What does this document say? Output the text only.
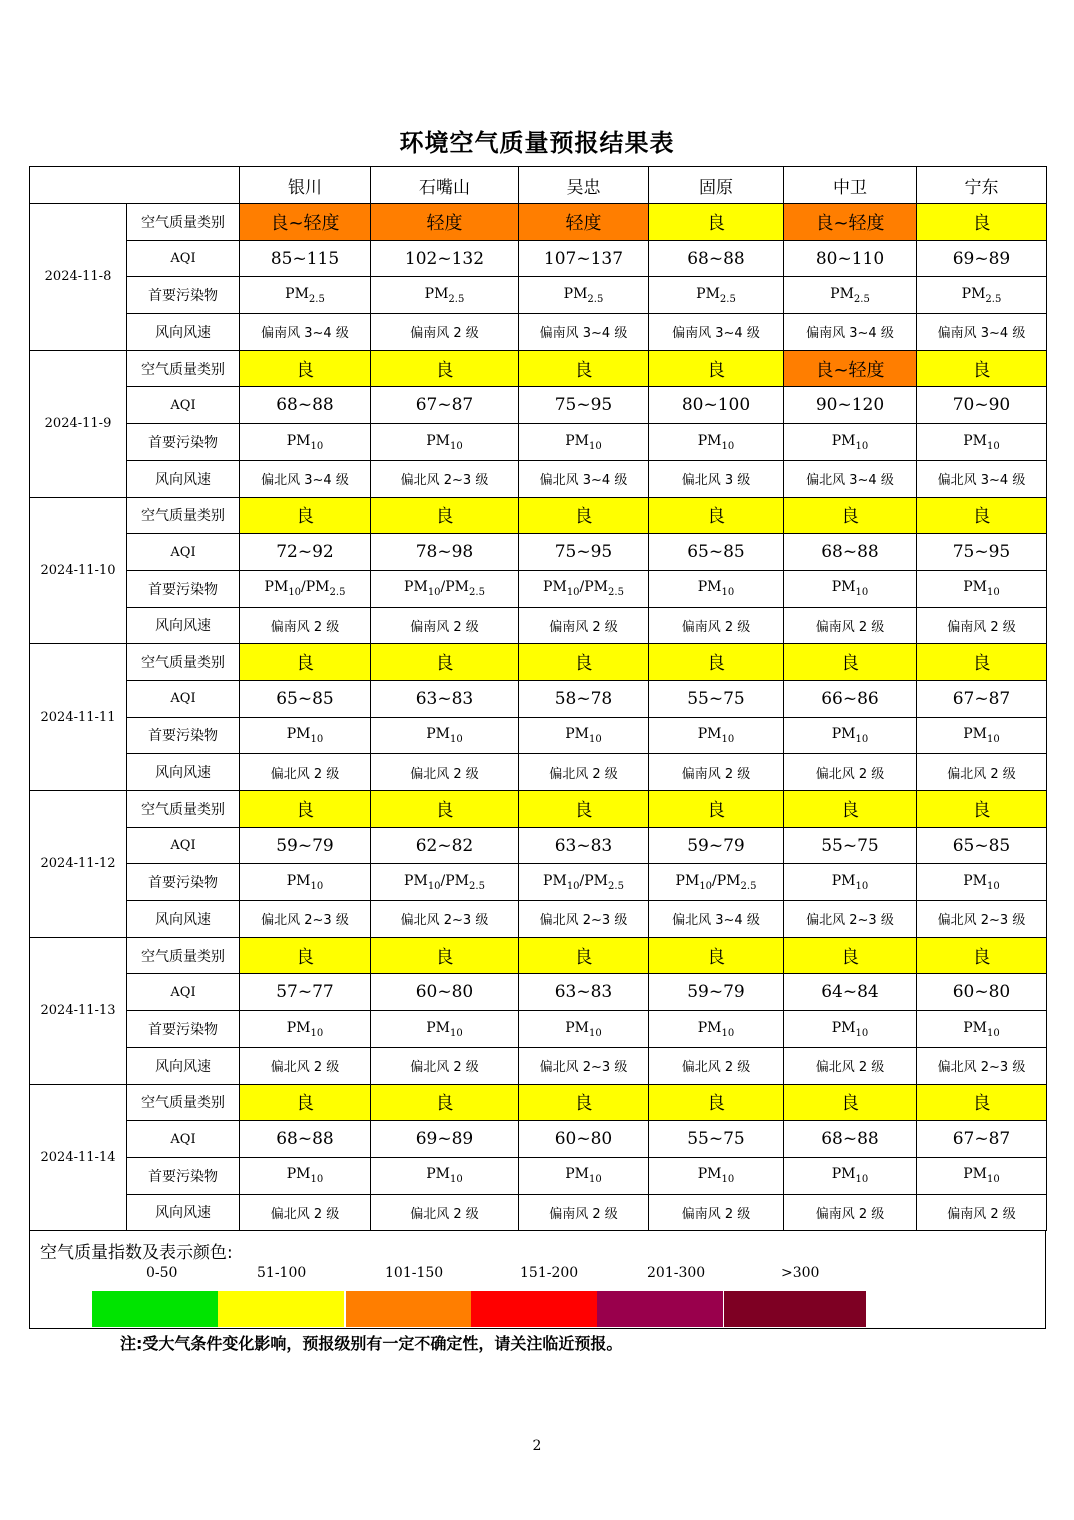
环境空气质量预报结果表
		银川	石嘴山	吴忠	固原	中卫	宁东
2024-11-8	空气质量类别	良~轻度	轻度	轻度	良	良~轻度	良
	AQI	85~115	102~132	107~137	68~88	80~110	69~89
	首要污染物	$PM_{2.5}$	$PM_{2.5}$	$PM_{2.5}$	$PM_{2.5}$	$PM_{2.5}$	$PM_{2.5}$
	风向风速	偏南风 3~4 级	偏南风 2 级	偏南风 3~4 级	偏南风 3~4 级	偏南风 3~4 级	偏南风 3~4 级
2024-11-9	空气质量类别	良	良	良	良	良~轻度	良
	AQI	68~88	67~87	75~95	80~100	90~120	70~90
	首要污染物	$PM_{10}$	$PM_{10}$	$PM_{10}$	$PM_{10}$	$PM_{10}$	$PM_{10}$
	风向风速	偏北风 3~4 级	偏北风 2~3 级	偏北风 3~4 级	偏北风 3 级	偏北风 3~4 级	偏北风 3~4 级
2024-11-10	空气质量类别	良	良	良	良	良	良
	AQI	72~92	78~98	75~95	65~85	68~88	75~95
	首要污染物	$PM_{10}/PM_{2.5}$	$PM_{10}/PM_{2.5}$	$PM_{10}/PM_{2.5}$	$PM_{10}$	$PM_{10}$	$PM_{10}$
	风向风速	偏南风 2 级	偏南风 2 级	偏南风 2 级	偏南风 2 级	偏南风 2 级	偏南风 2 级
2024-11-11	空气质量类别	良	良	良	良	良	良
	AQI	65~85	63~83	58~78	55~75	66~86	67~87
	首要污染物	$PM_{10}$	$PM_{10}$	$PM_{10}$	$PM_{10}$	$PM_{10}$	$PM_{10}$
	风向风速	偏北风 2 级	偏北风 2 级	偏北风 2 级	偏南风 2 级	偏北风 2 级	偏北风 2 级
2024-11-12	空气质量类别	良	良	良	良	良	良
	AQI	59~79	62~82	63~83	59~79	55~75	65~85
	首要污染物	$PM_{10}$	$PM_{10}/PM_{2.5}$	$PM_{10}/PM_{2.5}$	$PM_{10}/PM_{2.5}$	$PM_{10}$	$PM_{10}$
	风向风速	偏北风 2~3 级	偏北风 2~3 级	偏北风 2~3 级	偏北风 3~4 级	偏北风 2~3 级	偏北风 2~3 级
2024-11-13	空气质量类别	良	良	良	良	良	良
	AQI	57~77	60~80	63~83	59~79	64~84	60~80
	首要污染物	$PM_{10}$	$PM_{10}$	$PM_{10}$	$PM_{10}$	$PM_{10}$	$PM_{10}$
	风向风速	偏北风 2 级	偏北风 2 级	偏北风 2~3 级	偏北风 2 级	偏北风 2 级	偏北风 2~3 级
2024-11-14	空气质量类别	良	良	良	良	良	良
	AQI	68~88	69~89	60~80	55~75	68~88	67~87
	首要污染物	$PM_{10}$	$PM_{10}$	$PM_{10}$	$PM_{10}$	$PM_{10}$	$PM_{10}$
	风向风速	偏北风 2 级	偏北风 2 级	偏南风 2 级	偏南风 2 级	偏南风 2 级	偏南风 2 级
空气质量指数及表示颜色:
0-50	51-100	101-150	151-200	201-300	>300
注:受大气条件变化影响，预报级别有一定不确定性，请关注临近预报。
2
